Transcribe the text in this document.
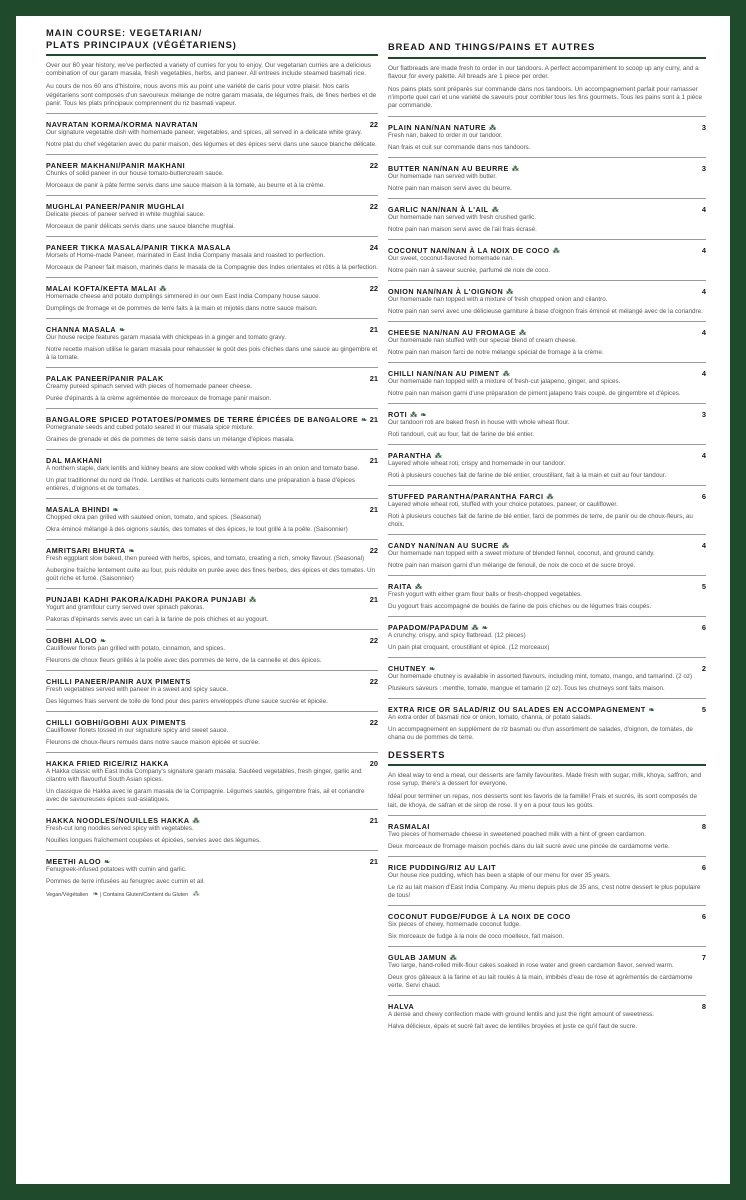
MAIN COURSE: VEGETARIAN/
PLATS PRINCIPAUX (VÉGÉTARIENS)

Over our 60 year history, we've perfected a variety of curries for you to enjoy. Our vegetarian curries are a delicious combination of our garam masala, fresh vegetables, herbs, and paneer. All entrees include steamed basmati rice.

Au cours de nos 60 ans d'histoire, nous avons mis au point une variété de caris pour votre plaisir. Nos caris végétariens sont composés d'un savoureux mélange de notre garam masala, de légumes frais, de fines herbes et de panir. Tous les plats principaux comprennent du riz basmati vapeur.

NAVRATAN KORMA/KORMA NAVRATAN	22

Our signature vegetable dish with homemade paneer, vegetables, and spices, all served in a delicate white gravy.

Notre plat du chef végétarien avec du panir maison, des légumes et des épices servi dans une sauce blanche délicate.

PANEER MAKHANI/PANIR MAKHANI	22

Chunks of solid paneer in our house tomato-buttercream sauce.

Morceaux de panir à pâte ferme servis dans une sauce maison à la tomate, au beurre et à la crème.

MUGHLAI PANEER/PANIR MUGHLAI	22

Delicate pieces of paneer served in white mughlai sauce.

Morceaux de panir délicats servis dans une sauce blanche mughlai.

PANEER TIKKA MASALA/PANIR TIKKA MASALA	24

Morsels of Home-made Paneer, marinated in East India Company masala and roasted to perfection.

Morceaux de Paneer fait maison, marinés dans le masala de la Compagnie des Indes orientales et rôtis à la perfection.

MALAI KOFTA/KEFTA MALAI ⁂	22

Homemade cheese and potato dumplings simmered in our own East India Company house sauce.

Dumplings de fromage et de pommes de terre faits à la main et mijotés dans notre sauce maison.

CHANNA MASALA ❧	21

Our house recipe features garam masala with chickpeas in a ginger and tomato gravy.

Notre recette maison utilise le garam masala pour rehausser le goût des pois chiches dans une sauce au gingembre et à la tomate.

PALAK PANEER/PANIR PALAK	21

Creamy pureed spinach served with pieces of homemade paneer cheese.

Purée d'épinards à la crème agrémentée de morceaux de fromage panir maison.

BANGALORE SPICED POTATOES/POMMES DE TERRE ÉPICÉES DE BANGALORE ❧ 21

Pomegranate seeds and cubed potato seared in our masala spice mixture.

Graines de grenade et dés de pommes de terre saisis dans un mélange d'épices masala.

DAL MAKHANI	21

A northern staple, dark lentils and kidney beans are slow cooked with whole spices in an onion and tomato base.

Un plat traditionnel du nord de l'Inde. Lentilles et haricots cuits lentement dans une préparation à base d'épices entières, d'oignons et de tomates.

MASALA BHINDI ❧	21

Chopped okra pan grilled with sautéed onion, tomato, and spices. (Seasonal)

Okra émincé mélangé à des oignons sautés, des tomates et des épices, le tout grillé à la poêle. (Saisonnier)

AMRITSARI BHURTA ❧	22

Fresh eggplant slow baked, then pureed with herbs, spices, and tomato, creating a rich, smoky flavour. (Seasonal)

Aubergine fraîche lentement cuite au four, puis réduite en purée avec des fines herbes, des épices et des tomates. Un goût riche et fumé. (Saisonnier)

PUNJABI KADHI PAKORA/KADHI PAKORA PUNJABI ⁂	21

Yogurt and gramflour curry served over spinach pakoras.

Pakoras d'épinards servis avec un cari à la farine de pois chiches et au yogourt.

GOBHI ALOO ❧	22

Cauliflower florets pan grilled with potato, cinnamon, and spices.

Fleurons de choux fleurs grillés à la poêle avec des pommes de terre, de la cannelle et des épices.

CHILLI PANEER/PANIR AUX PIMENTS	22

Fresh vegetables served with paneer in a sweet and spicy sauce.

Des légumes frais servent de toile de fond pour des panirs enveloppés d'une sauce sucrée et épicée.

CHILLI GOBHI/GOBHI AUX PIMENTS	22

Cauliflower florets tossed in our signature spicy and sweet sauce.

Fleurons de choux-fleurs remués dans notre sauce maison épicée et sucrée.

HAKKA FRIED RICE/RIZ HAKKA	20

A Hakka classic with East India Company's signature garam masala. Sautéed vegetables, fresh ginger, garlic and cilantro with flavourful South Asian spices.

Un classique de Hakka avec le garam masala de la Compagnie. Légumes sautés, gingembre frais, ail et coriandre avec de savoureuses épices sud-asiatiques.

HAKKA NOODLES/NOUILLES HAKKA ⁂	21

Fresh-cut long noodles served spicy with vegetables.

Nouilles longues fraîchement coupées et épicées, servies avec des légumes.

MEETHI ALOO ❧	21

Fenugreek-infused potatoes with cumin and garlic.

Pommes de terre infusées au fenugrec avec cumin et ail.

Vegan/Végétalien ❧ | Contains Gluten/Contient du Gluten ⁂
BREAD AND THINGS/PAINS ET AUTRES

Our flatbreads are made fresh to order in our tandoors. A perfect accompaniment to scoop up any curry, and a flavour for every palette. All breads are 1 piece per order.

Nos pains plats sont préparés sur commande dans nos tandoors. Un accompagnement parfait pour ramasser n'importe quel cari et une variété de saveurs pour combler tous les fins gourmets. Tous les pains sont à 1 pièce par commande.

PLAIN NAN/NAN NATURE ⁂	3

Fresh nan, baked to order in our tandoor.

Nan frais et cuit sur commande dans nos tandoors.

BUTTER NAN/NAN AU BEURRE ⁂	3

Our homemade nan served with butter.

Notre pain nan maison servi avec du beurre.

GARLIC NAN/NAN À L'AIL ⁂	4

Our homemade nan served with fresh crushed garlic.

Notre pain nan maison servi avec de l'ail frais écrasé.

COCONUT NAN/NAN À LA NOIX DE COCO ⁂	4

Our sweet, coconut-flavored homemade nan.

Notre pain nan à saveur sucrée, parfumé de noix de coco.

ONION NAN/NAN À L'OIGNON ⁂	4

Our homemade nan topped with a mixture of fresh chopped onion and cilantro.

Notre pain nan servi avec une délicieuse garniture à base d'oignon frais émincé et mélangé avec de la coriandre.

CHEESE NAN/NAN AU FROMAGE ⁂	4

Our homemade nan stuffed with our special blend of cream cheese.

Notre pain nan maison farci de notre mélange spécial de fromage à la crème.

CHILLI NAN/NAN AU PIMENT ⁂	4

Our homemade nan topped with a mixture of fresh-cut jalapeno, ginger, and spices.

Notre pain nan maison garni d'une préparation de piment jalapeno frais coupé, de gingembre et d'épices.

ROTI ⁂ ❧	3

Our tandoori roti are baked fresh in house with whole wheat flour.

Roti tandouri, cuit au four, fait de farine de blé entier.

PARANTHA ⁂	4

Layered whole wheat roti, crispy and homemade in our tandoor.

Roti à plusieurs couches fait de farine de blé entier, croustillant, fait à la main et cuit au four tandour.

STUFFED PARANTHA/PARANTHA FARCI ⁂	6

Layered whole wheat roti, stuffed with your choice potatoes, paneer, or cauliflower.

Roti à plusieurs couches fait de farine de blé entier, farci de pommes de terre, de panir ou de choux-fleurs, au choix.

CANDY NAN/NAN AU SUCRE ⁂	4

Our homemade nan topped with a sweet mixture of blended fennel, coconut, and ground candy.

Notre pain nan maison garni d'un mélange de fenouil, de noix de coco et de sucre broyé.

RAITA ⁂	5

Fresh yogurt with either gram flour balls or fresh-chopped vegetables.

Du yogourt frais accompagné de boulés de farine de pois chiches ou de légumes frais coupés.

PAPADOM/PAPADUM ⁂ ❧	6

A crunchy, crispy, and spicy flatbread. (12 pieces)

Un pain plat croquant, croustillant et épicé. (12 morceaux)

CHUTNEY ❧	2

Our homemade chutney is available in assorted flavours, including mint, tomato, mango, and tamarind. (2 oz)

Plusieurs saveurs : menthe, tomate, mangue et tamarin (2 oz). Tous les chutneys sont faits maison.

EXTRA RICE OR SALAD/RIZ OU SALADES EN ACCOMPAGNEMENT ❧	5

An extra order of basmati rice or onion, tomato, channa, or potato salads.

Un accompagnement en supplément de riz basmati ou d'un assortiment de salades, d'oignon, de tomates, de chana ou de pommes de terre.

DESSERTS

An ideal way to end a meal, our desserts are family favourites. Made fresh with sugar, milk, khoya, saffron, and rose syrup, there's a dessert for everyone.

Idéal pour terminer un repas, nos desserts sont les favoris de la famille! Frais et sucrés, ils sont composés de lait, de khoya, de safran et de sirop de rose. Il y en a pour tous les goûts.

RASMALAI	8

Two pieces of homemade cheese in sweetened poached milk with a hint of green cardamon.

Deux morceaux de fromage maison pochés dans du lait sucré avec une pincée de cardamome verte.

RICE PUDDING/RIZ AU LAIT	6

Our house rice pudding, which has been a staple of our menu for over 35 years.

Le riz au lait maison d'East India Company. Au menu depuis plus de 35 ans, c'est notre dessert le plus populaire de tous!

COCONUT FUDGE/FUDGE À LA NOIX DE COCO	6

Six pieces of chewy, homemade coconut fudge.

Six morceaux de fudge à la noix de coco moelleux, fait maison.

GULAB JAMUN ⁂	7

Two large, hand-rolled milk-flour cakes soaked in rose water and green cardamon flavor, served warm.

Deux gros gâteaux à la farine et au lait roulés à la main, imbibés d'eau de rose et agrémentés de cardamome verte. Servi chaud.

HALVA	8

A dense and chewy confection made with ground lentils and just the right amount of sweetness.

Halva délicieux, épais et sucré fait avec de lentilles broyées et juste ce qu'il faut de sucre.
